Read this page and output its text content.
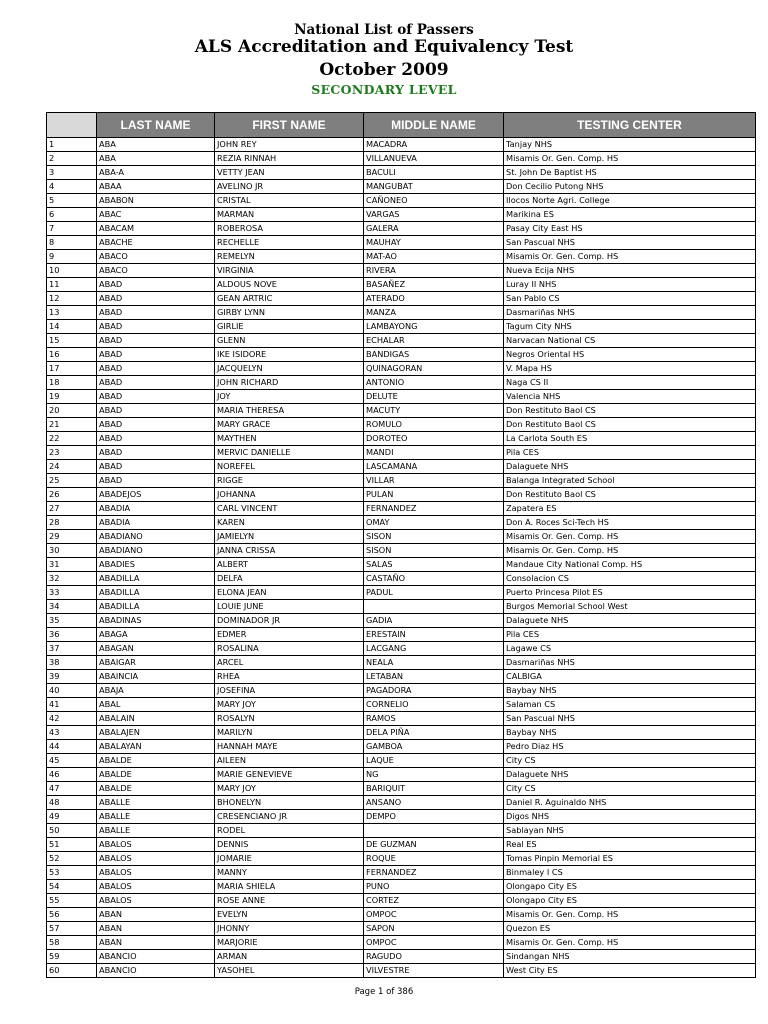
National List of Passers
ALS Accreditation and Equivalency Test
October 2009
SECONDARY LEVEL
	LAST NAME	FIRST NAME	MIDDLE NAME	TESTING CENTER
1	ABA	JOHN REY	MACADRA	Tanjay NHS
2	ABA	REZIA RINNAH	VILLANUEVA	Misamis Or. Gen. Comp. HS
3	ABA-A	VETTY JEAN	BACULI	St. John De Baptist HS
4	ABAA	AVELINO JR	MANGUBAT	Don Cecilio Putong NHS
5	ABABON	CRISTAL	CAÑONEO	Ilocos Norte Agri. College
6	ABAC	MARMAN	VARGAS	Marikina ES
7	ABACAM	ROBEROSA	GALERA	Pasay City East HS
8	ABACHE	RECHELLE	MAUHAY	San Pascual NHS
9	ABACO	REMELYN	MAT-AO	Misamis Or. Gen. Comp. HS
10	ABACO	VIRGINIA	RIVERA	Nueva Ecija NHS
11	ABAD	ALDOUS NOVE	BASAÑEZ	Luray II NHS
12	ABAD	GEAN ARTRIC	ATERADO	San Pablo CS
13	ABAD	GIRBY LYNN	MANZA	Dasmariñas NHS
14	ABAD	GIRLIE	LAMBAYONG	Tagum City NHS
15	ABAD	GLENN	ECHALAR	Narvacan National CS
16	ABAD	IKE ISIDORE	BANDIGAS	Negros Oriental HS
17	ABAD	JACQUELYN	QUINAGORAN	V. Mapa HS
18	ABAD	JOHN RICHARD	ANTONIO	Naga CS II
19	ABAD	JOY	DELUTE	Valencia NHS
20	ABAD	MARIA THERESA	MACUTY	Don Restituto Baol CS
21	ABAD	MARY GRACE	ROMULO	Don Restituto Baol CS
22	ABAD	MAYTHEN	DOROTEO	La Carlota South ES
23	ABAD	MERVIC DANIELLE	MANDI	Pila CES
24	ABAD	NOREFEL	LASCAMANA	Dalaguete NHS
25	ABAD	RIGGE	VILLAR	Balanga Integrated School
26	ABADEJOS	JOHANNA	PULAN	Don Restituto Baol CS
27	ABADIA	CARL VINCENT	FERNANDEZ	Zapatera ES
28	ABADIA	KAREN	OMAY	Don A. Roces Sci-Tech HS
29	ABADIANO	JAMIELYN	SISON	Misamis Or. Gen. Comp. HS
30	ABADIANO	JANNA CRISSA	SISON	Misamis Or. Gen. Comp. HS
31	ABADIES	ALBERT	SALAS	Mandaue City National Comp. HS
32	ABADILLA	DELFA	CASTAÑO	Consolacion CS
33	ABADILLA	ELONA JEAN	PADUL	Puerto Princesa Pilot ES
34	ABADILLA	LOUIE JUNE		Burgos Memorial School West
35	ABADINAS	DOMINADOR JR	GADIA	Dalaguete NHS
36	ABAGA	EDMER	ERESTAIN	Pila CES
37	ABAGAN	ROSALINA	LACGANG	Lagawe CS
38	ABAIGAR	ARCEL	NEALA	Dasmariñas NHS
39	ABAINCIA	RHEA	LETABAN	CALBIGA
40	ABAJA	JOSEFINA	PAGADORA	Baybay NHS
41	ABAL	MARY JOY	CORNELIO	Salaman CS
42	ABALAIN	ROSALYN	RAMOS	San Pascual NHS
43	ABALAJEN	MARILYN	DELA PIÑA	Baybay NHS
44	ABALAYAN	HANNAH MAYE	GAMBOA	Pedro Diaz HS
45	ABALDE	AILEEN	LAQUE	City CS
46	ABALDE	MARIE GENEVIEVE	NG	Dalaguete NHS
47	ABALDE	MARY JOY	BARIQUIT	City CS
48	ABALLE	BHONELYN	ANSANO	Daniel R. Aguinaldo NHS
49	ABALLE	CRESENCIANO JR	DEMPO	Digos NHS
50	ABALLE	RODEL		Sablayan NHS
51	ABALOS	DENNIS	DE GUZMAN	Real ES
52	ABALOS	JOMARIE	ROQUE	Tomas Pinpin Memorial ES
53	ABALOS	MANNY	FERNANDEZ	Binmaley I CS
54	ABALOS	MARIA SHIELA	PUNO	Olongapo City ES
55	ABALOS	ROSE ANNE	CORTEZ	Olongapo City ES
56	ABAN	EVELYN	OMPOC	Misamis Or. Gen. Comp. HS
57	ABAN	JHONNY	SAPON	Quezon ES
58	ABAN	MARJORIE	OMPOC	Misamis Or. Gen. Comp. HS
59	ABANCIO	ARMAN	RAGUDO	Sindangan NHS
60	ABANCIO	YASOHEL	VILVESTRE	West City ES
Page 1 of 386
